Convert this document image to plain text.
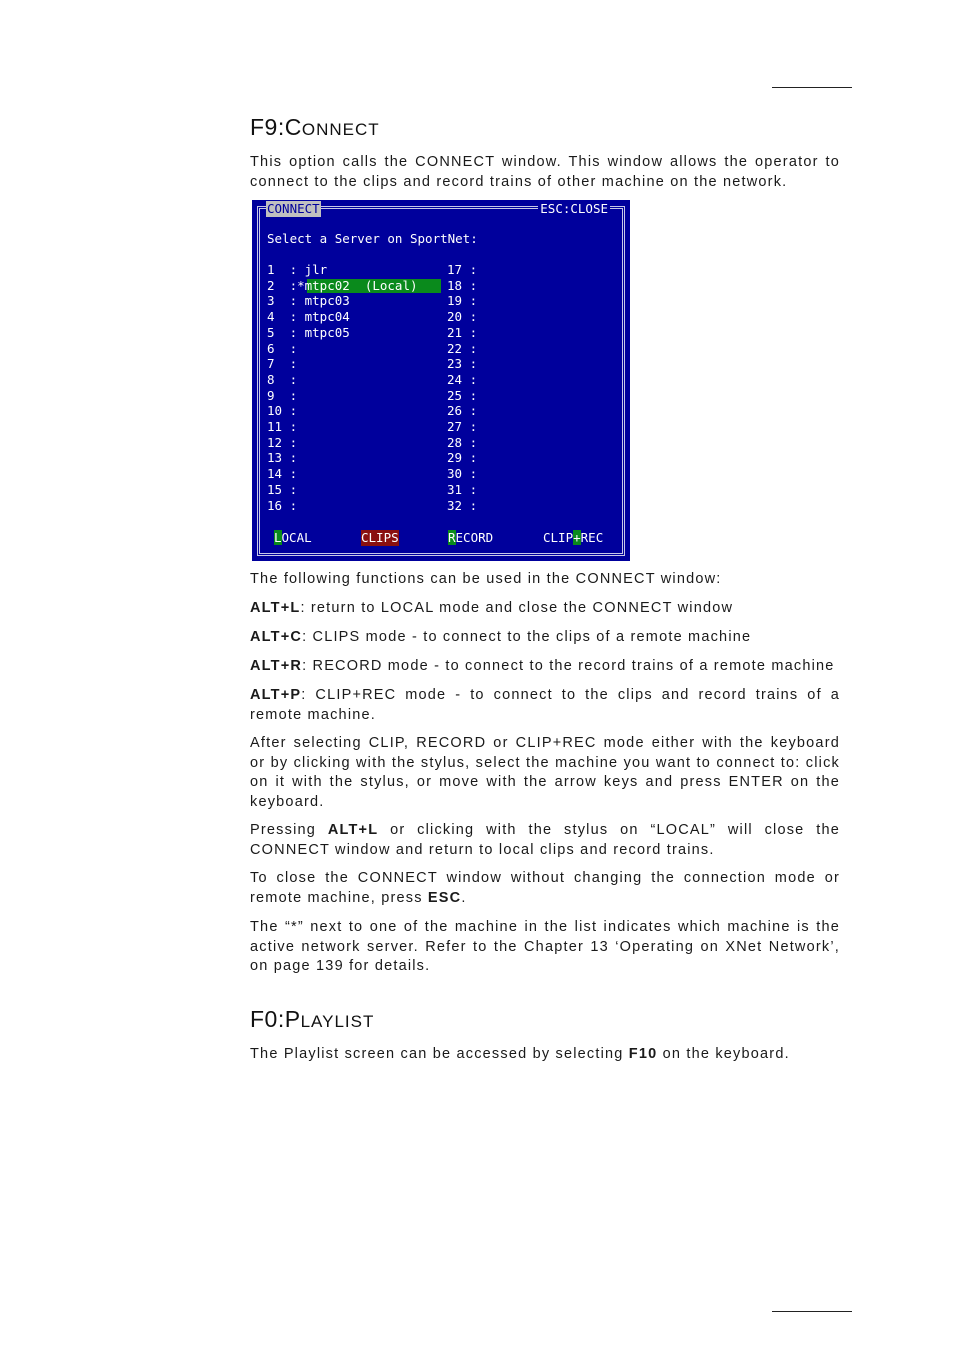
F9:CONNECT

This option calls the CONNECT window. This window allows the operator to connect to the clips and record trains of other machine on the network.

CONNECT	ESC:CLOSE
Select a Server on SportNet:
1  : jlr
2  :*mtpc02  (Local)
3  : mtpc03
4  : mtpc04
5  : mtpc05
6  :
7  :
8  :
9  :
10 :
11 :
12 :
13 :
14 :
15 :
16 :
17 :
18 :
19 :
20 :
21 :
22 :
23 :
24 :
25 :
26 :
27 :
28 :
29 :
30 :
31 :
32 :
LOCAL	CLIPS	RECORD	CLIP+REC

The following functions can be used in the CONNECT window:

ALT+L: return to LOCAL mode and close the CONNECT window

ALT+C: CLIPS mode - to connect to the clips of a remote machine

ALT+R: RECORD mode - to connect to the record trains of a remote machine

ALT+P: CLIP+REC mode - to connect to the clips and record trains of a remote machine.

After selecting CLIP, RECORD or CLIP+REC mode either with the keyboard or by clicking with the stylus, select the machine you want to connect to: click on it with the stylus, or move with the arrow keys and press ENTER on the keyboard.

Pressing ALT+L or clicking with the stylus on “LOCAL” will close the CONNECT window and return to local clips and record trains.

To close the CONNECT window without changing the connection mode or remote machine, press ESC.

The “*” next to one of the machine in the list indicates which machine is the active network server. Refer to the Chapter 13 ‘Operating on XNet Network’, on page 139 for details.

F0:PLAYLIST

The Playlist screen can be accessed by selecting F10 on the keyboard.
